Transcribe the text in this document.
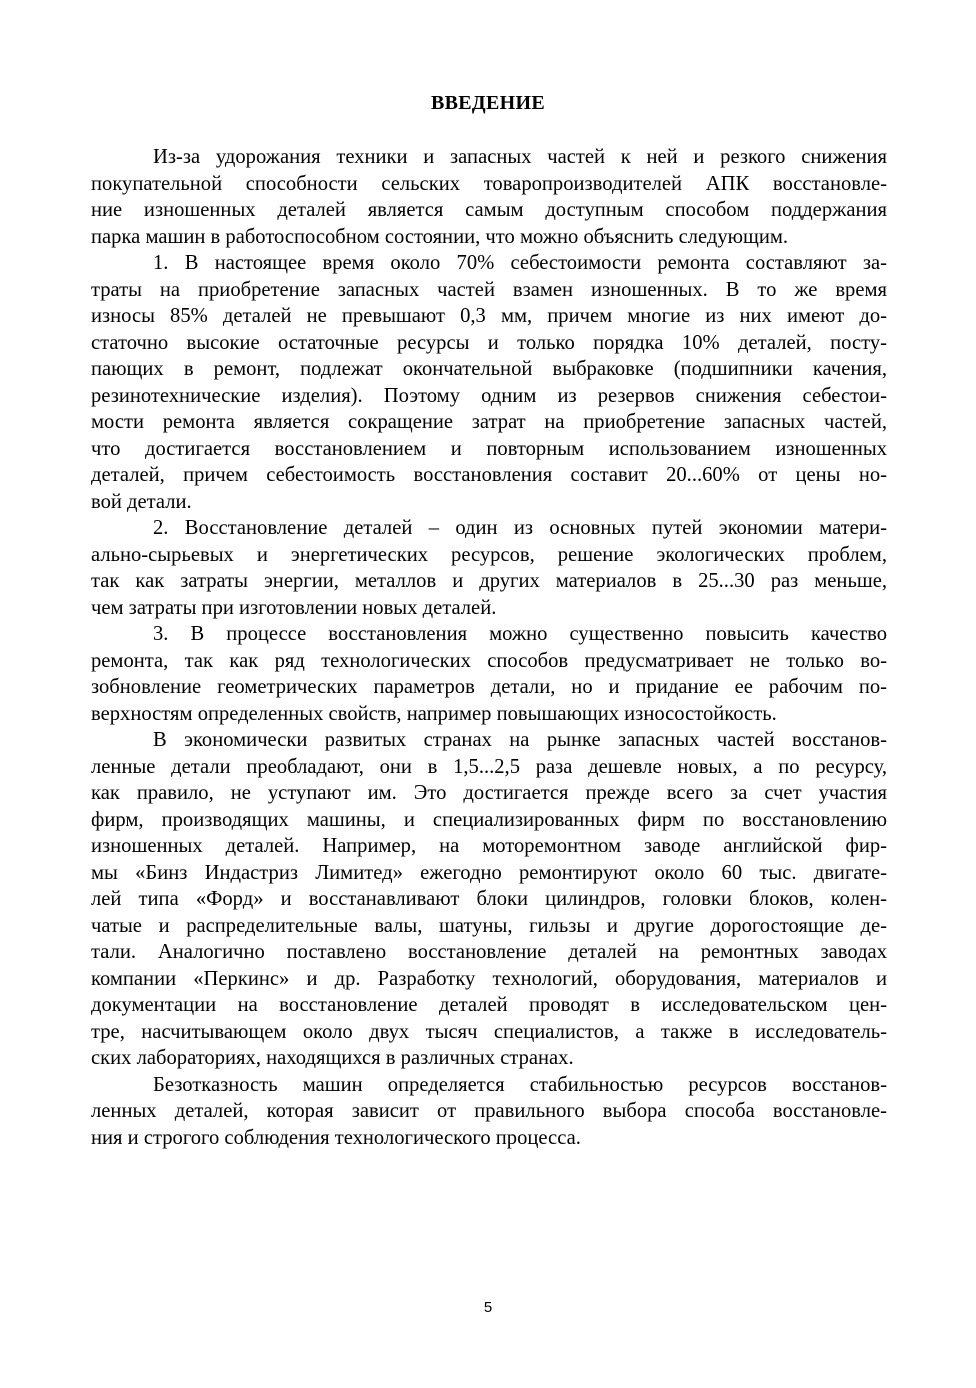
ВВЕДЕНИЕ
Из-за удорожания техники и запасных частей к ней и резкого снижения
покупательной способности сельских товаропроизводителей АПК восстановле-
ние изношенных деталей является самым доступным способом поддержания
парка машин в работоспособном состоянии, что можно объяснить следующим.
1. В настоящее время около 70% себестоимости ремонта составляют за-
траты на приобретение запасных частей взамен изношенных. В то же время
износы 85% деталей не превышают 0,3 мм, причем многие из них имеют до-
статочно высокие остаточные ресурсы и только порядка 10% деталей, посту-
пающих в ремонт, подлежат окончательной выбраковке (подшипники качения,
резинотехнические изделия). Поэтому одним из резервов снижения себестои-
мости ремонта является сокращение затрат на приобретение запасных частей,
что достигается восстановлением и повторным использованием изношенных
деталей, причем себестоимость восстановления составит 20...60% от цены но-
вой детали.
2. Восстановление деталей – один из основных путей экономии матери-
ально-сырьевых и энергетических ресурсов, решение экологических проблем,
так как затраты энергии, металлов и других материалов в 25...30 раз меньше,
чем затраты при изготовлении новых деталей.
3. В процессе восстановления можно существенно повысить качество
ремонта, так как ряд технологических способов предусматривает не только во-
зобновление геометрических параметров детали, но и придание ее рабочим по-
верхностям определенных свойств, например повышающих износостойкость.
В экономически развитых странах на рынке запасных частей восстанов-
ленные детали преобладают, они в 1,5...2,5 раза дешевле новых, а по ресурсу,
как правило, не уступают им. Это достигается прежде всего за счет участия
фирм, производящих машины, и специализированных фирм по восстановлению
изношенных деталей. Например, на моторемонтном заводе английской фир-
мы «Бинз Индастриз Лимитед» ежегодно ремонтируют около 60 тыс. двигате-
лей типа «Форд» и восстанавливают блоки цилиндров, головки блоков, колен-
чатые и распределительные валы, шатуны, гильзы и другие дорогостоящие де-
тали. Аналогично поставлено восстановление деталей на ремонтных заводах
компании «Перкинс» и др. Разработку технологий, оборудования, материалов и
документации на восстановление деталей проводят в исследовательском цен-
тре, насчитывающем около двух тысяч специалистов, а также в исследователь-
ских лабораториях, находящихся в различных странах.
Безотказность машин определяется стабильностью ресурсов восстанов-
ленных деталей, которая зависит от правильного выбора способа восстановле-
ния и строгого соблюдения технологического процесса.
5
